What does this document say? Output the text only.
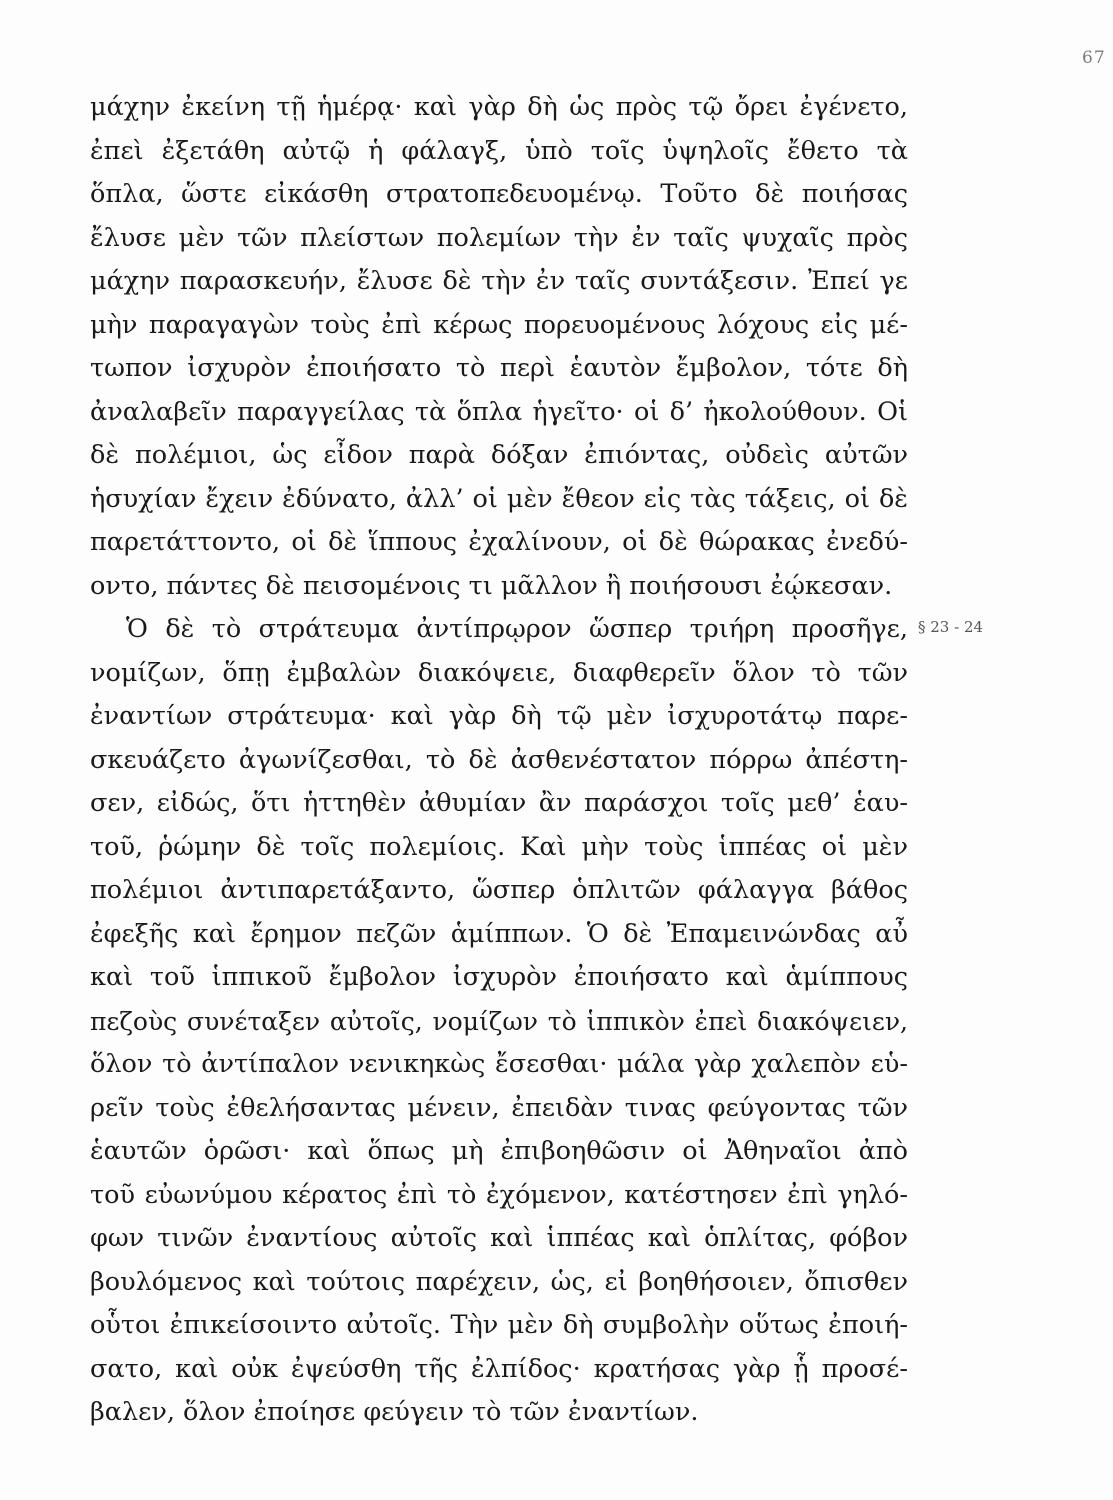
67
μάχην ἐκείνη τῇ ἡμέρᾳ· καὶ γὰρ δὴ ὡς πρὸς τῷ ὄρει ἐγένετο,
ἐπεὶ ἐξετάθη αὐτῷ ἡ φάλαγξ, ὑπὸ τοῖς ὑψηλοῖς ἔθετο τὰ
ὅπλα, ὥστε εἰκάσθη στρατοπεδευομένῳ. Τοῦτο δὲ ποιήσας
ἔλυσε μὲν τῶν πλείστων πολεμίων τὴν ἐν ταῖς ψυχαῖς πρὸς
μάχην παρασκευήν, ἔλυσε δὲ τὴν ἐν ταῖς συντάξεσιν. Ἐπεί γε
μὴν παραγαγὼν τοὺς ἐπὶ κέρως πορευομένους λόχους εἰς μέ-
τωπον ἰσχυρὸν ἐποιήσατο τὸ περὶ ἑαυτὸν ἔμβολον, τότε δὴ
ἀναλαβεῖν παραγγείλας τὰ ὅπλα ἡγεῖτο· οἱ δ’ ἠκολούθουν. Οἱ
δὲ πολέμιοι, ὡς εἶδον παρὰ δόξαν ἐπιόντας, οὐδεὶς αὐτῶν
ἡσυχίαν ἔχειν ἐδύνατο, ἀλλ’ οἱ μὲν ἔθεον εἰς τὰς τάξεις, οἱ δὲ
παρετάττοντο, οἱ δὲ ἵππους ἐχαλίνουν, οἱ δὲ θώρακας ἐνεδύ-
οντο, πάντες δὲ πεισομένοις τι μᾶλλον ἢ ποιήσουσι ἐῴκεσαν.
Ὁ δὲ τὸ στράτευμα ἀντίπρῳρον ὥσπερ τριήρη προσῆγε,
νομίζων, ὅπῃ ἐμβαλὼν διακόψειε, διαφθερεῖν ὅλον τὸ τῶν
ἐναντίων στράτευμα· καὶ γὰρ δὴ τῷ μὲν ἰσχυροτάτῳ παρε-
σκευάζετο ἀγωνίζεσθαι, τὸ δὲ ἀσθενέστατον πόρρω ἀπέστη-
σεν, εἰδώς, ὅτι ἡττηθὲν ἀθυμίαν ἂν παράσχοι τοῖς μεθ’ ἑαυ-
τοῦ, ῥώμην δὲ τοῖς πολεμίοις. Καὶ μὴν τοὺς ἱππέας οἱ μὲν
πολέμιοι ἀντιπαρετάξαντο, ὥσπερ ὁπλιτῶν φάλαγγα βάθος
ἐφεξῆς καὶ ἔρημον πεζῶν ἁμίππων. Ὁ δὲ Ἐπαμεινώνδας αὖ
καὶ τοῦ ἱππικοῦ ἔμβολον ἰσχυρὸν ἐποιήσατο καὶ ἁμίππους
πεζοὺς συνέταξεν αὐτοῖς, νομίζων τὸ ἱππικὸν ἐπεὶ διακόψειεν,
ὅλον τὸ ἀντίπαλον νενικηκὼς ἔσεσθαι· μάλα γὰρ χαλεπὸν εὑ-
ρεῖν τοὺς ἐθελήσαντας μένειν, ἐπειδὰν τινας φεύγοντας τῶν
ἑαυτῶν ὁρῶσι· καὶ ὅπως μὴ ἐπιβοηθῶσιν οἱ Ἀθηναῖοι ἀπὸ
τοῦ εὐωνύμου κέρατος ἐπὶ τὸ ἐχόμενον, κατέστησεν ἐπὶ γηλό-
φων τινῶν ἐναντίους αὐτοῖς καὶ ἱππέας καὶ ὁπλίτας, φόβον
βουλόμενος καὶ τούτοις παρέχειν, ὡς, εἰ βοηθήσοιεν, ὄπισθεν
οὗτοι ἐπικείσοιντο αὐτοῖς. Τὴν μὲν δὴ συμβολὴν οὕτως ἐποιή-
σατο, καὶ οὐκ ἐψεύσθη τῆς ἐλπίδος· κρατήσας γὰρ ᾗ προσέ-
βαλεν, ὅλον ἐποίησε φεύγειν τὸ τῶν ἐναντίων.
§ 23 - 24
